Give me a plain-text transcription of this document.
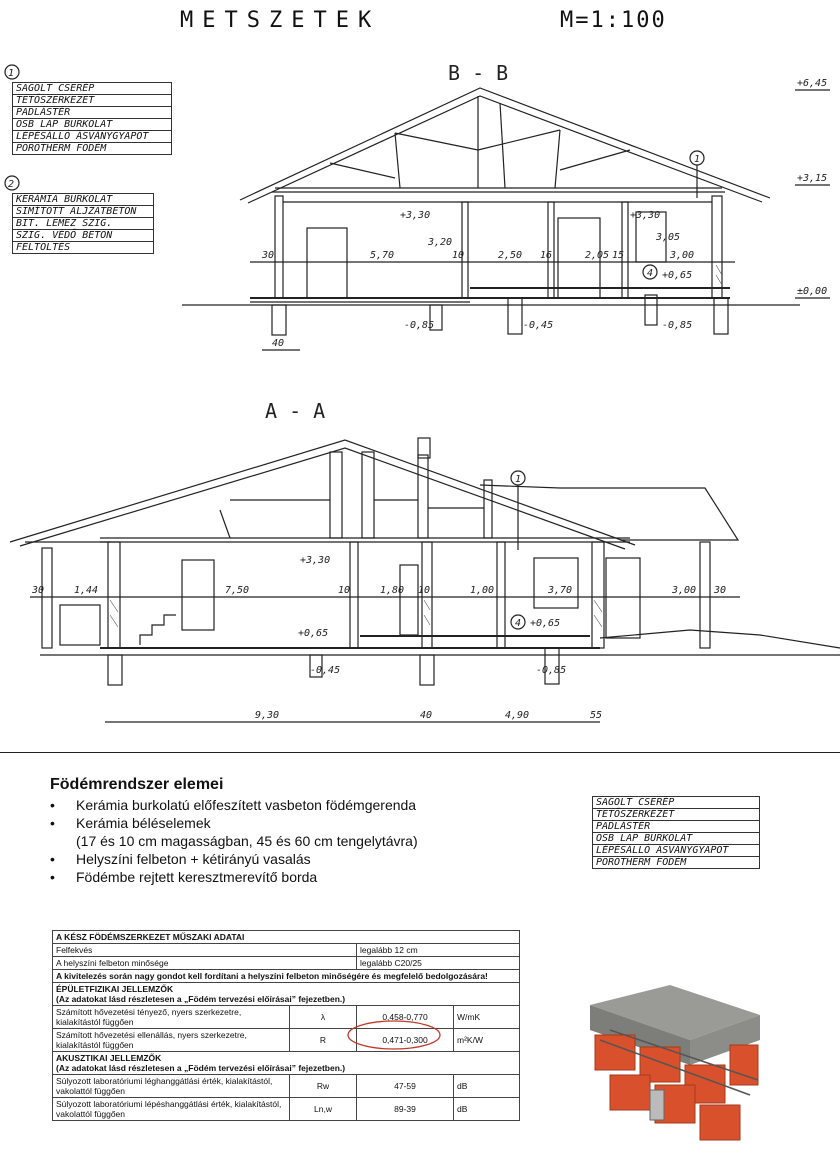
METSZETEK	M=1:100
B - B
A - A
1
2
1
4
+6,45
+3,15
±0,00
+3,30	+3,30
5,70	2,50	2,05	3,00
3,20	3,05
30	16	15
10
40
+0,65
-0,85	-0,45	-0,85
1
4
+3,30
7,50	1,80	1,00	3,70	3,00
1,44
30	30
10	10
9,30	4,90	55
40
+0,65
+0,65
-0,45	-0,85
SAGOLT CSERÉP
TETŐSZERKEZET
PADLÁSTÉR
OSB LAP BURKOLAT
LÉPÉSÁLLÓ ÁSVÁNYGYAPOT
POROTHERM FÖDÉM
KERÁMIA BURKOLAT
SIMÍTOTT ALJZATBETON
BIT. LEMEZ SZIG.
SZIG. VÉDŐ BETON
FELTÖLTÉS
Födémrendszer elemei
• Kerámia burkolatú előfeszített vasbeton födémgerenda
• Kerámia béléselemek
(17 és 10 cm magasságban, 45 és 60 cm tengelytávra)
• Helyszíni felbeton + kétirányú vasalás
• Födémbe rejtett keresztmerevítő borda
SAGOLT CSERÉP
TETŐSZERKEZET
PADLÁSTÉR
OSB LAP BURKOLAT
LÉPÉSÁLLÓ ÁSVÁNYGYAPOT
POROTHERM FÖDÉM
A KÉSZ FÖDÉMSZERKEZET MŰSZAKI ADATAI			
Felfekvés		legalább 12 cm	
A helyszíni felbeton minősége		legalább C20/25	
A kivitelezés során nagy gondot kell fordítani a helyszíni felbeton minőségére és megfelelő bedolgozására!			
ÉPÜLETFIZIKAI JELLEMZŐK
(Az adatokat lásd részletesen a „Födém tervezési előírásai” fejezetben.)			
Számított hővezetési tényező, nyers szerkezetre, kialakítástól függően	λ	0,458-0,770	W/mK
Számított hővezetési ellenállás, nyers szerkezetre, kialakítástól függően	R	0,471-0,300	m²K/W
AKUSZTIKAI JELLEMZŐK
(Az adatokat lásd részletesen a „Födém tervezési előírásai” fejezetben.)			
Súlyozott laboratóriumi léghanggátlási érték, kialakítástól, vakolattól függően	Rw	47-59	dB
Súlyozott laboratóriumi lépéshanggátlási érték, kialakítástól, vakolattól függően	Ln,w	89-39	dB
